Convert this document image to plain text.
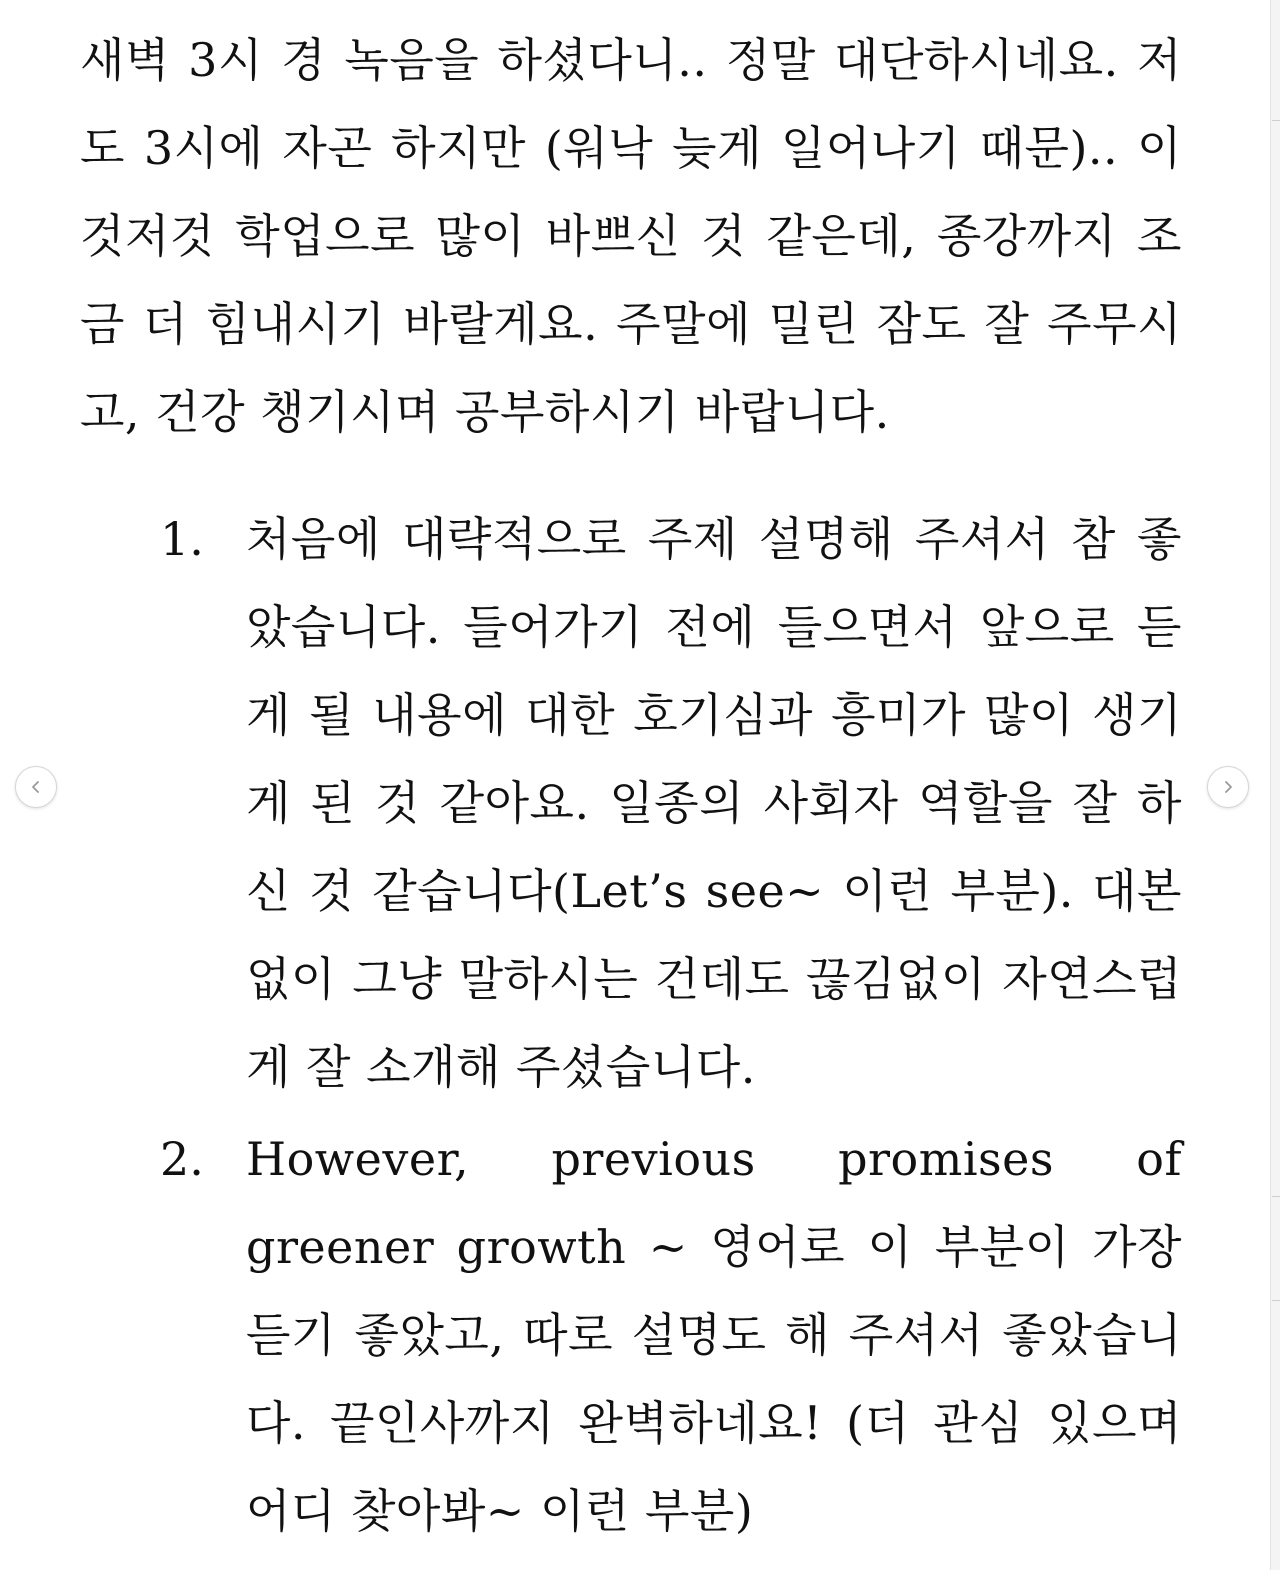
새벽 3시 경 녹음을 하셨다니.. 정말 대단하시네요. 저도 3시에 자곤 하지만 (워낙 늦게 일어나기 때문).. 이것저것 학업으로 많이 바쁘신 것 같은데, 종강까지 조금 더 힘내시기 바랄게요. 주말에 밀린 잠도 잘 주무시고, 건강 챙기시며 공부하시기 바랍니다.

1. 처음에 대략적으로 주제 설명해 주셔서 참 좋았습니다. 들어가기 전에 들으면서 앞으로 듣게 될 내용에 대한 호기심과 흥미가 많이 생기게 된 것 같아요. 일종의 사회자 역할을 잘 하신 것 같습니다(Let’s see~ 이런 부분). 대본 없이 그냥 말하시는 건데도 끊김없이 자연스럽게 잘 소개해 주셨습니다.
2. However, previous promises of greener growth ~ 영어로 이 부분이 가장 듣기 좋았고, 따로 설명도 해 주셔서 좋았습니다. 끝인사까지 완벽하네요! (더 관심 있으며 어디 찾아봐~ 이런 부분)
